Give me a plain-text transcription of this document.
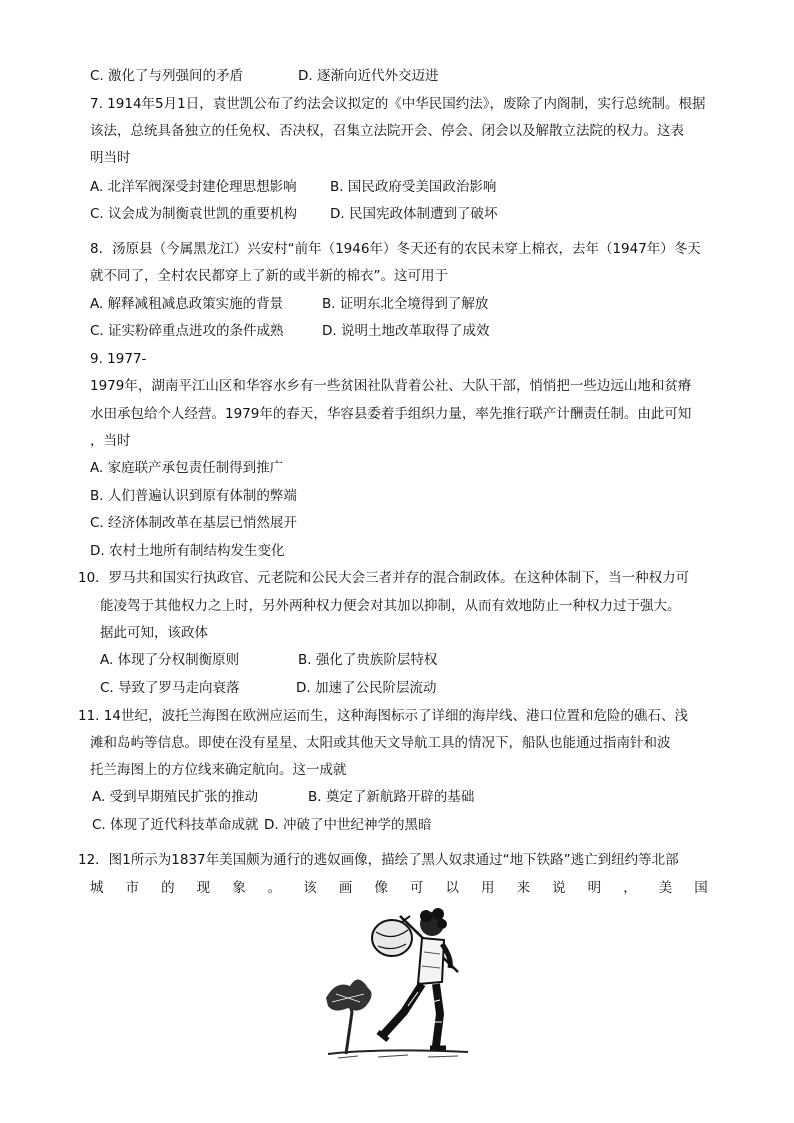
C. 激化了与列强间的矛盾	D. 逐渐向近代外交迈进
7. 1914年5月1日，袁世凯公布了约法会议拟定的《中华民国约法》，废除了内阁制，实行总统制。根据
该法，总统具备独立的任免权、否决权，召集立法院开会、停会、闭会以及解散立法院的权力。这表
明当时
A. 北洋军阀深受封建伦理思想影响 B. 国民政府受美国政治影响
C. 议会成为制衡袁世凯的重要机构 D. 民国宪政体制遭到了破坏
8．汤原县（今属黑龙江）兴安村“前年（1946年）冬天还有的农民未穿上棉衣，去年（1947年）冬天
就不同了，全村农民都穿上了新的或半新的棉衣”。这可用于
A. 解释减租减息政策实施的背景	B. 证明东北全境得到了解放
C. 证实粉碎重点进攻的条件成熟	D. 说明土地改革取得了成效
9. 1977-
1979年，湖南平江山区和华容水乡有一些贫困社队背着公社、大队干部，悄悄把一些边远山地和贫瘠
水田承包给个人经营。1979年的春天，华容县委着手组织力量，率先推行联产计酬责任制。由此可知
，当时
A. 家庭联产承包责任制得到推广
B. 人们普遍认识到原有体制的弊端
C. 经济体制改革在基层已悄然展开
D. 农村土地所有制结构发生变化
10．罗马共和国实行执政官、元老院和公民大会三者并存的混合制政体。在这种体制下，当一种权力可
能凌驾于其他权力之上时，另外两种权力便会对其加以抑制，从而有效地防止一种权力过于强大。
据此可知，该政体
A. 体现了分权制衡原则	B. 强化了贵族阶层特权
C. 导致了罗马走向衰落	D. 加速了公民阶层流动
11. 14世纪，波托兰海图在欧洲应运而生，这种海图标示了详细的海岸线、港口位置和危险的礁石、浅
滩和岛屿等信息。即使在没有星星、太阳或其他天文导航工具的情况下，船队也能通过指南针和波
托兰海图上的方位线来确定航向。这一成就
A. 受到早期殖民扩张的推动	B. 奠定了新航路开辟的基础
C. 体现了近代科技革命成就 D. 冲破了中世纪神学的黑暗
12．图1所示为1837年美国颇为通行的逃奴画像，描绘了黑人奴隶通过“地下铁路”逃亡到纽约等北部
城 市 的 现 象 。 该 画 像 可 以 用 来 说 明 ， 美 国
